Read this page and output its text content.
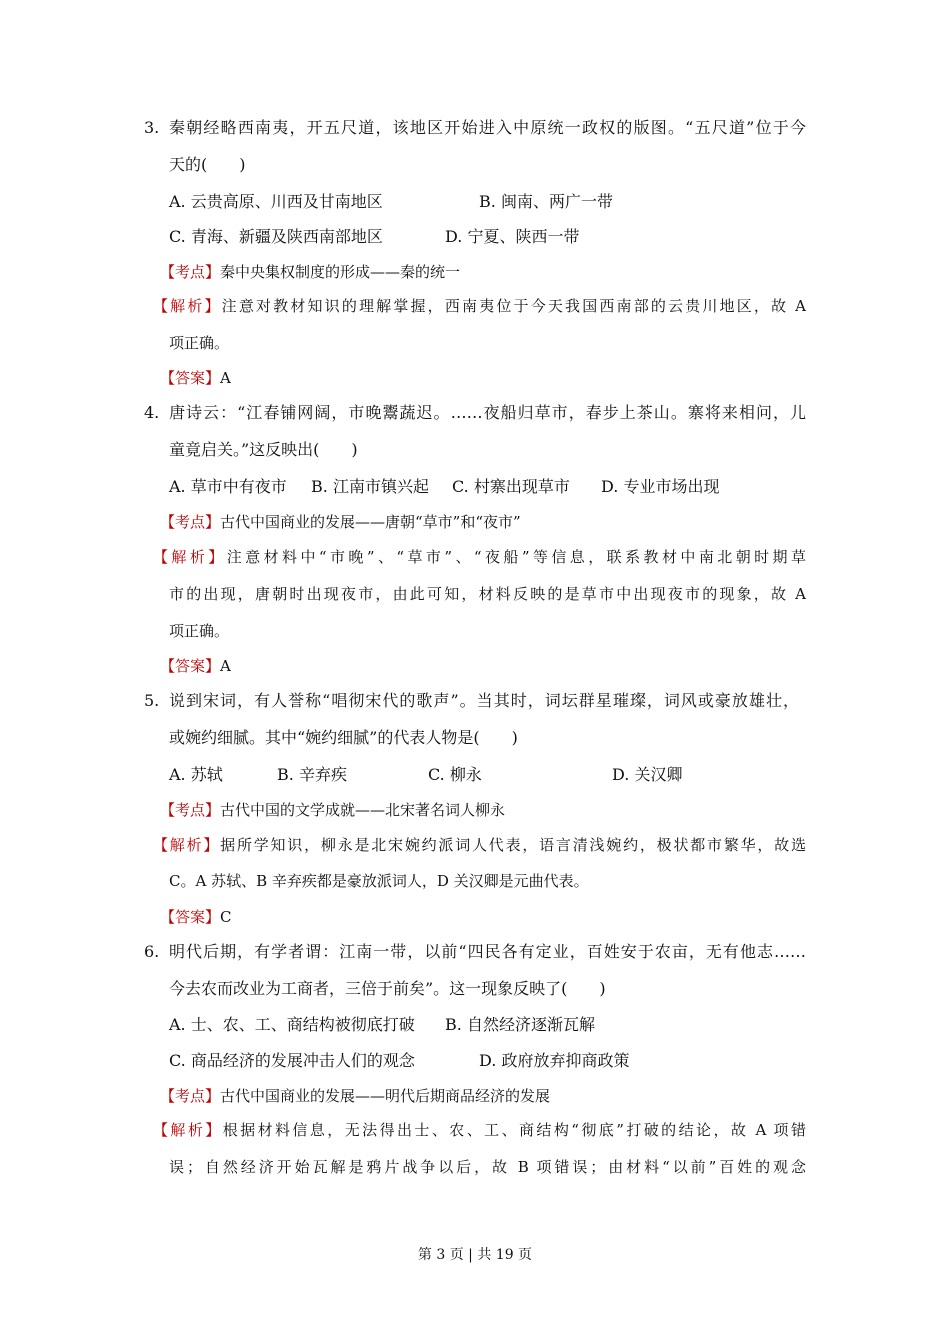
3. 秦朝经略西南夷，开五尺道，该地区开始进入中原统一政权的版图。“五尺道”位于今
天的(　　)
A. 云贵高原、川西及甘南地区	B. 闽南、两广一带
C. 青海、新疆及陕西南部地区	D. 宁夏、陕西一带
【考点】秦中央集权制度的形成——秦的统一
【解析】注意对教材知识的理解掌握，西南夷位于今天我国西南部的云贵川地区，故 A
项正确。
【答案】A
4. 唐诗云：“江春铺网阔，市晚鬻蔬迟。……夜船归草市，春步上茶山。寨将来相问，儿
童竟启关。”这反映出(　　)
A. 草市中有夜市 B. 江南市镇兴起 C. 村寨出现草市 D. 专业市场出现
【考点】古代中国商业的发展——唐朝“草市”和“夜市”
【解析】注意材料中“市晚”、“草市”、“夜船”等信息，联系教材中南北朝时期草
市的出现，唐朝时出现夜市，由此可知，材料反映的是草市中出现夜市的现象，故 A
项正确。
【答案】A
5. 说到宋词，有人誉称“唱彻宋代的歌声”。当其时，词坛群星璀璨，词风或豪放雄壮，
或婉约细腻。其中“婉约细腻”的代表人物是(　　)
A. 苏轼	B. 辛弃疾	C. 柳永	D. 关汉卿
【考点】古代中国的文学成就——北宋著名词人柳永
【解析】据所学知识，柳永是北宋婉约派词人代表，语言清浅婉约，极状都市繁华，故选
C。A 苏轼、B 辛弃疾都是豪放派词人，D 关汉卿是元曲代表。
【答案】C
6. 明代后期，有学者谓：江南一带，以前“四民各有定业，百姓安于农亩，无有他志……
今去农而改业为工商者，三倍于前矣”。这一现象反映了(　　)
A. 士、农、工、商结构被彻底打破 B. 自然经济逐渐瓦解
C. 商品经济的发展冲击人们的观念	D. 政府放弃抑商政策
【考点】古代中国商业的发展——明代后期商品经济的发展
【解析】根据材料信息，无法得出士、农、工、商结构“彻底”打破的结论，故 A 项错
误；自然经济开始瓦解是鸦片战争以后，故 B 项错误；由材料“以前”百姓的观念
第 3 页 | 共 19 页
